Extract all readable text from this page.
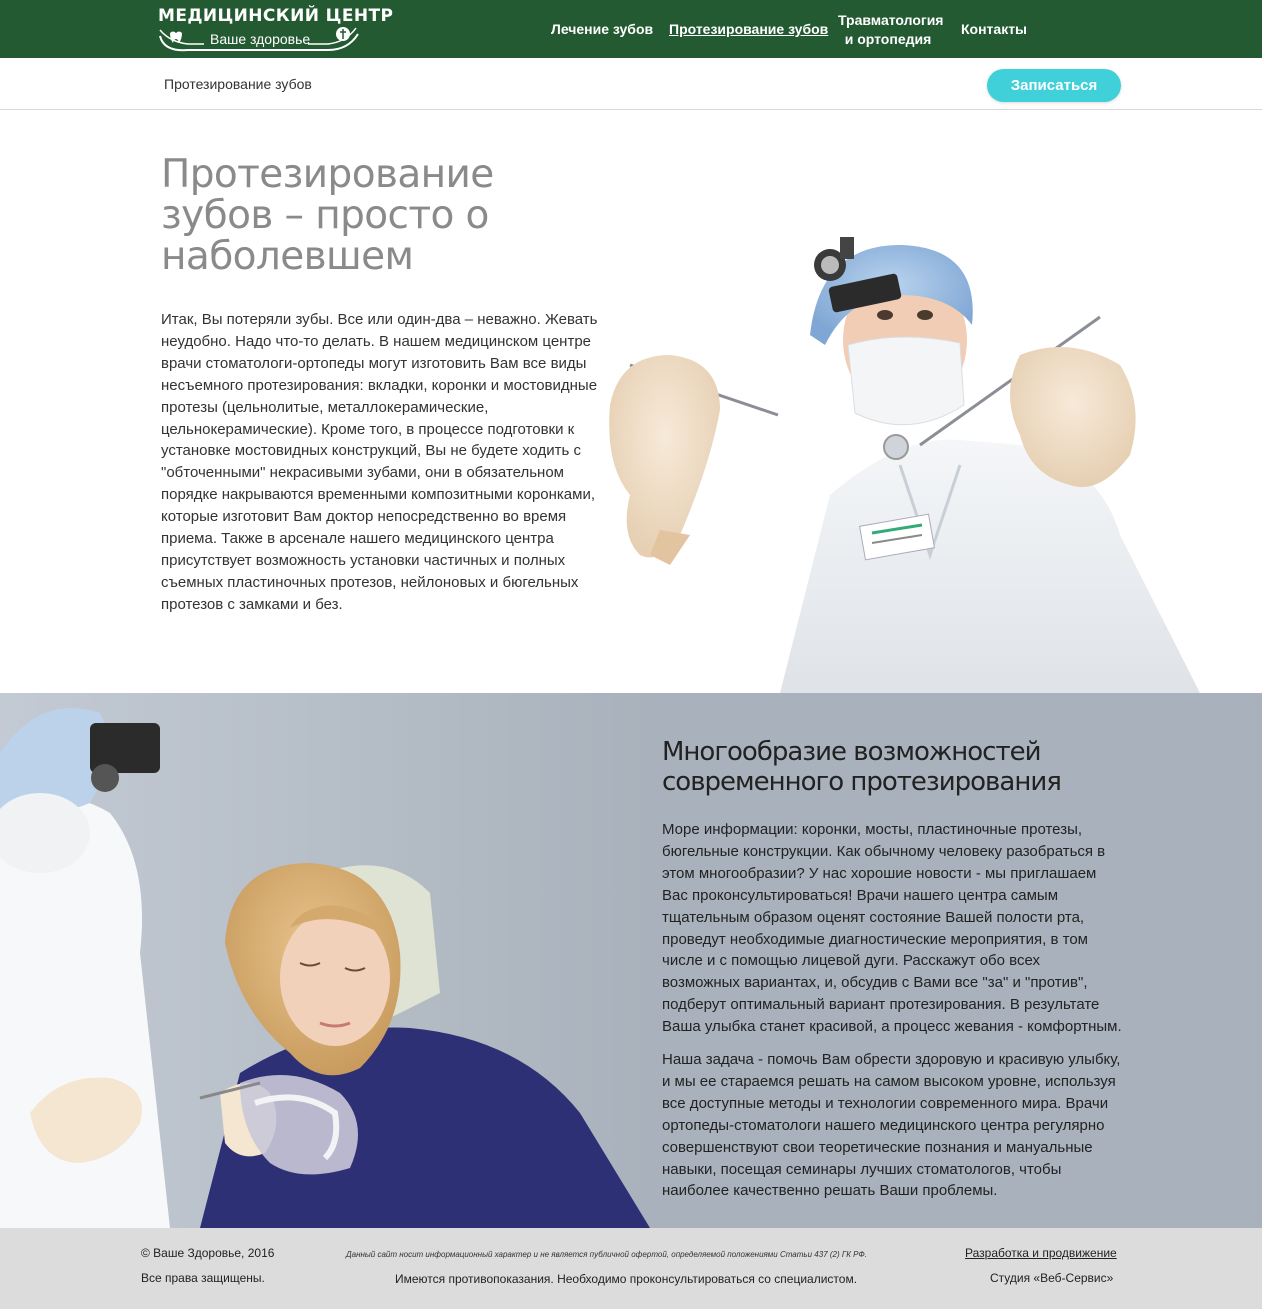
МЕДИЦИНСКИЙ ЦЕНТР
Ваше здоровье
Лечение зубов Протезирование зубов
Травматология
и ортопедия
Контакты
Протезирование зубов	Записаться
Протезирование зубов – просто о наболевшем

Итак, Вы потеряли зубы. Все или один-два – неважно. Жевать неудобно. Надо что-то делать. В нашем медицинском центре врачи стоматологи-ортопеды могут изготовить Вам все виды несъемного протезирования: вкладки, коронки и мостовидные протезы (цельнолитые, металлокерамические, цельнокерамические). Кроме того, в процессе подготовки к установке мостовидных конструкций, Вы не будете ходить с "обточенными" некрасивыми зубами, они в обязательном порядке накрываются временными композитными коронками, которые изготовит Вам доктор непосредственно во время приема. Также в арсенале нашего медицинского центра присутствует возможность установки частичных и полных съемных пластиночных протезов, нейлоновых и бюгельных протезов с замками и без.

Многообразие возможностей современного протезирования

Море информации: коронки, мосты, пластиночные протезы, бюгельные конструкции. Как обычному человеку разобраться в этом многообразии? У нас хорошие новости - мы приглашаем Вас проконсультироваться! Врачи нашего центра самым тщательным образом оценят состояние Вашей полости рта, проведут необходимые диагностические мероприятия, в том числе и с помощью лицевой дуги. Расскажут обо всех возможных вариантах, и, обсудив с Вами все "за" и "против", подберут оптимальный вариант протезирования. В результате Ваша улыбка станет красивой, а процесс жевания - комфортным.

Наша задача - помочь Вам обрести здоровую и красивую улыбку, и мы ее стараемся решать на самом высоком уровне, используя все доступные методы и технологии современного мира. Врачи ортопеды-стоматологи нашего медицинского центра регулярно совершенствуют свои теоретические познания и мануальные навыки, посещая семинары лучших стоматологов, чтобы наиболее качественно решать Ваши проблемы.

© Ваше Здоровье, 2016
Все права защищены.
Данный сайт носит информационный характер и не является публичной офертой, определяемой положениями Статьи 437 (2) ГК РФ.
Имеются противопоказания. Необходимо проконсультироваться со специалистом.
Разработка и продвижение
Студия «Веб-Сервис»
